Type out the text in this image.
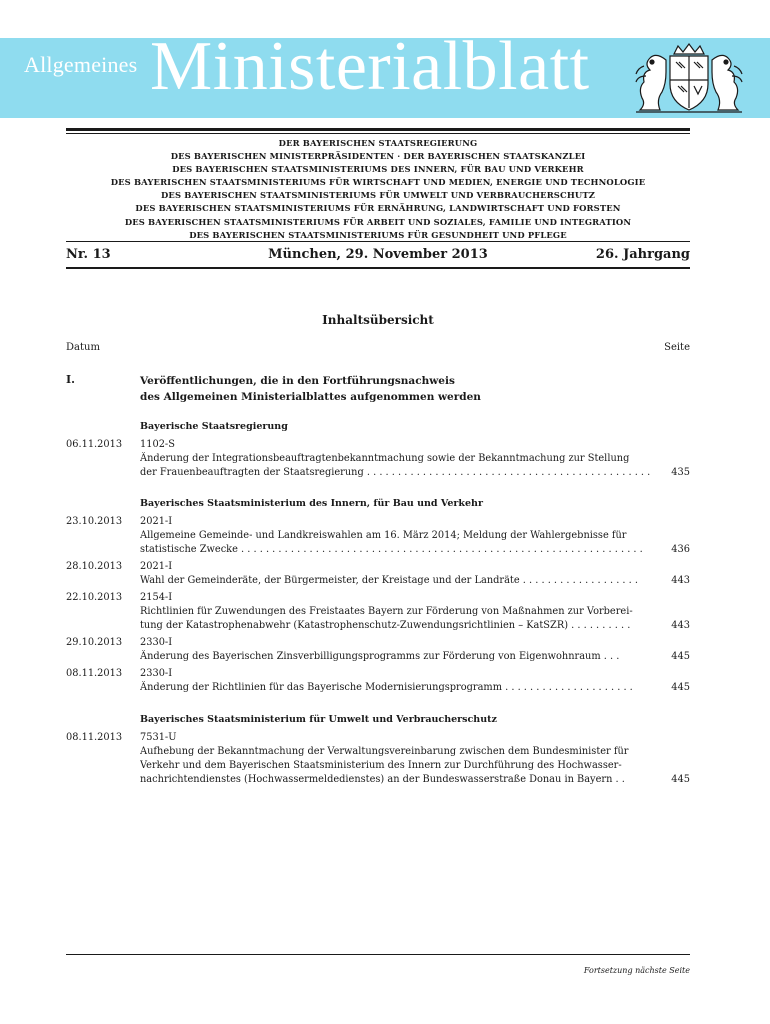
Allgemeines Ministerialblatt
DER BAYERISCHEN STAATSREGIERUNG
DES BAYERISCHEN MINISTERPRÄSIDENTEN · DER BAYERISCHEN STAATSKANZLEI
DES BAYERISCHEN STAATSMINISTERIUMS DES INNERN, FÜR BAU UND VERKEHR
DES BAYERISCHEN STAATSMINISTERIUMS FÜR WIRTSCHAFT UND MEDIEN, ENERGIE UND TECHNOLOGIE
DES BAYERISCHEN STAATSMINISTERIUMS FÜR UMWELT UND VERBRAUCHERSCHUTZ
DES BAYERISCHEN STAATSMINISTERIUMS FÜR ERNÄHRUNG, LANDWIRTSCHAFT UND FORSTEN
DES BAYERISCHEN STAATSMINISTERIUMS FÜR ARBEIT UND SOZIALES, FAMILIE UND INTEGRATION
DES BAYERISCHEN STAATSMINISTERIUMS FÜR GESUNDHEIT UND PFLEGE
Nr. 13	München, 29. November 2013	26. Jahrgang
Inhaltsübersicht
Datum	Seite
I.	Veröffentlichungen, die in den Fortführungsnachweis
des Allgemeinen Ministerialblattes aufgenommen werden
Bayerische Staatsregierung
06.11.2013 1102-S
Änderung der Integrationsbeauftragtenbekanntmachung sowie der Bekanntmachung zur Stellung
der Frauenbeauftragten der Staatsregierung . . . . . . . . . . . . . . . . . . . . . . . . . . . . . . . . . . . . . . . . . . . . . .	435
Bayerisches Staatsministerium des Innern, für Bau und Verkehr
23.10.2013 2021-I
Allgemeine Gemeinde- und Landkreiswahlen am 16. März 2014; Meldung der Wahlergebnisse für
statistische Zwecke . . . . . . . . . . . . . . . . . . . . . . . . . . . . . . . . . . . . . . . . . . . . . . . . . . . . . . . . . . . . . . . . .	436
28.10.2013 2021-I
Wahl der Gemeinderäte, der Bürgermeister, der Kreistage und der Landräte . . . . . . . . . . . . . . . . . . .	443
22.10.2013 2154-I
Richtlinien für Zuwendungen des Freistaates Bayern zur Förderung von Maßnahmen zur Vorberei-
tung der Katastrophenabwehr (Katastrophenschutz-Zuwendungsrichtlinien – KatSZR) . . . . . . . . . .	443
29.10.2013 2330-I
Änderung des Bayerischen Zinsverbilligungsprogramms zur Förderung von Eigenwohnraum . . .	445
08.11.2013 2330-I
Änderung der Richtlinien für das Bayerische Modernisierungsprogramm . . . . . . . . . . . . . . . . . . . . .	445
Bayerisches Staatsministerium für Umwelt und Verbraucherschutz
08.11.2013 7531-U
Aufhebung der Bekanntmachung der Verwaltungsvereinbarung zwischen dem Bundesminister für
Verkehr und dem Bayerischen Staatsministerium des Innern zur Durchführung des Hochwasser-
nachrichtendienstes (Hochwassermeldedienstes) an der Bundeswasserstraße Donau in Bayern . .	445
Fortsetzung nächste Seite
